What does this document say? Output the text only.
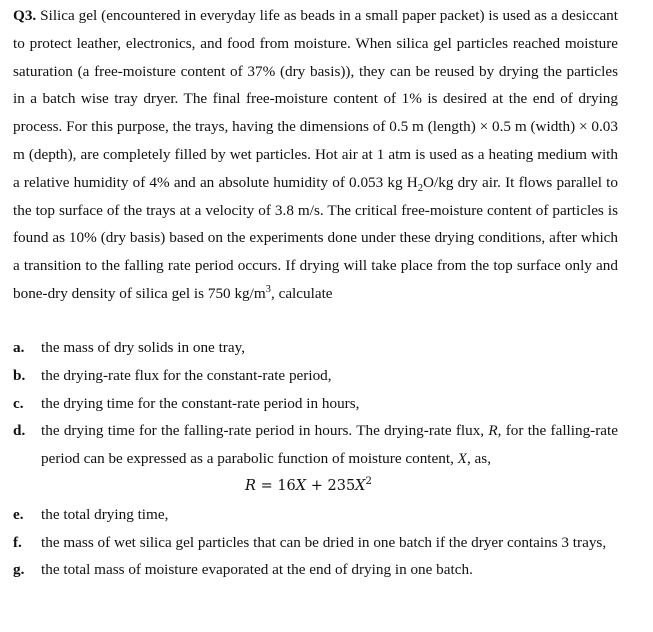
Q3. Silica gel (encountered in everyday life as beads in a small paper packet) is used as a desiccant to protect leather, electronics, and food from moisture. When silica gel particles reached moisture saturation (a free-moisture content of 37% (dry basis)), they can be reused by drying the particles in a batch wise tray dryer. The final free-moisture content of 1% is desired at the end of drying process. For this purpose, the trays, having the dimensions of 0.5 m (length) × 0.5 m (width) × 0.03 m (depth), are completely filled by wet particles. Hot air at 1 atm is used as a heating medium with a relative humidity of 4% and an absolute humidity of 0.053 kg $H_2O/kg$ dry air. It flows parallel to the top surface of the trays at a velocity of 3.8 m/s. The critical free-moisture content of particles is found as 10% (dry basis) based on the experiments done under these drying conditions, after which a transition to the falling rate period occurs. If drying will take place from the top surface only and bone-dry density of silica gel is 750 $kg/m^3$, calculate
a.	the mass of dry solids in one tray,
b.	the drying-rate flux for the constant-rate period,
c.	the drying time for the constant-rate period in hours,
d.	the drying time for the falling-rate period in hours. The drying-rate flux, R, for the falling-rate period can be expressed as a parabolic function of moisture content, X, as,
$R = 16X + 235X^2$
e.	the total drying time,
f.	the mass of wet silica gel particles that can be dried in one batch if the dryer contains 3 trays,
g.	the total mass of moisture evaporated at the end of drying in one batch.
